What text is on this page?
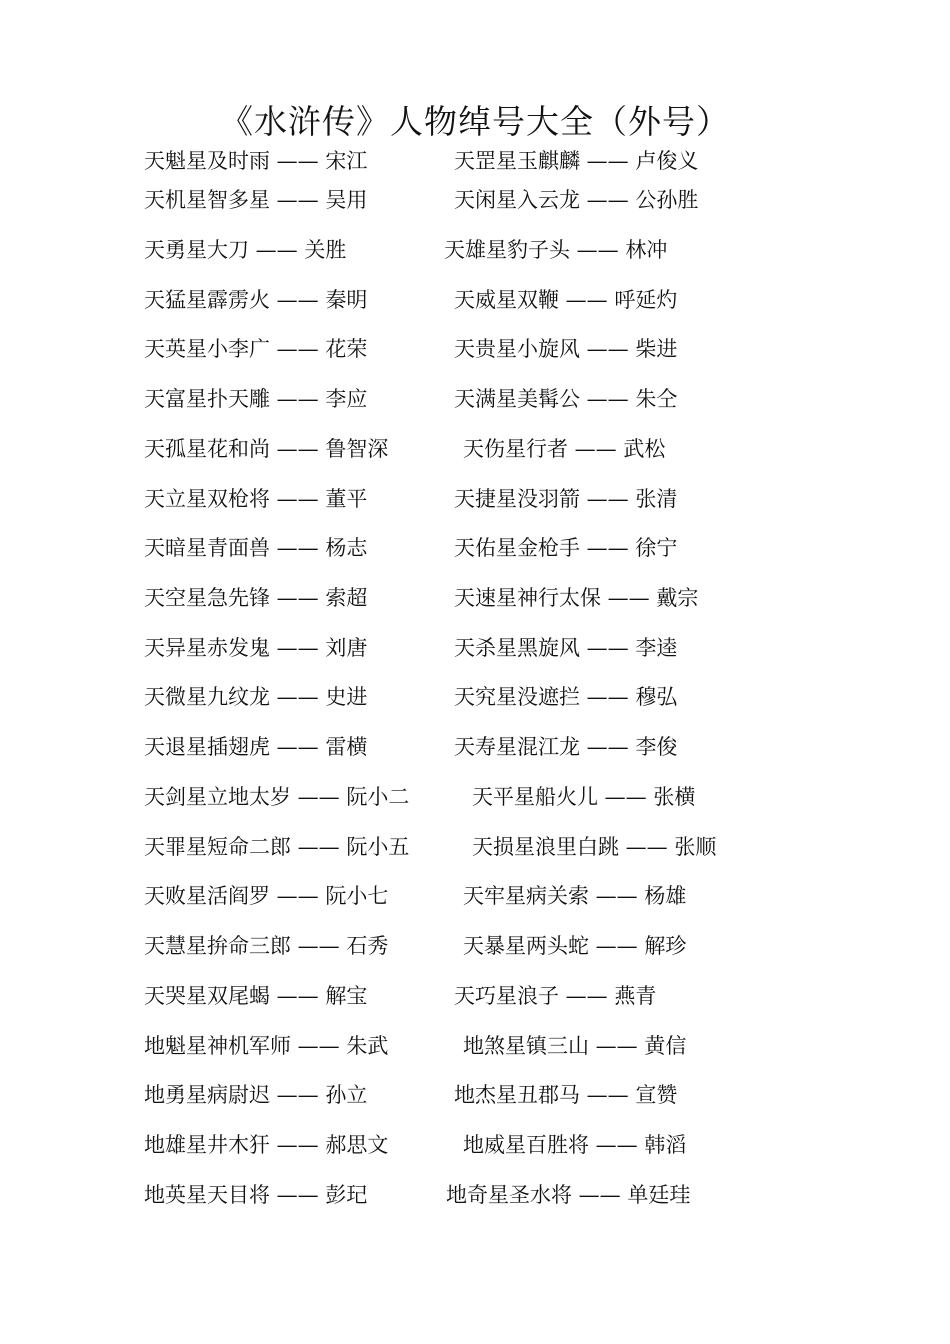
《水浒传》人物绰号大全（外号）
天魁星及时雨 —— 宋江	天罡星玉麒麟 —— 卢俊义
天机星智多星 —— 吴用	天闲星入云龙 —— 公孙胜
天勇星大刀 —— 关胜	天雄星豹子头 —— 林冲
天猛星霹雳火 —— 秦明	天威星双鞭 —— 呼延灼
天英星小李广 —— 花荣	天贵星小旋风 —— 柴进
天富星扑天雕 —— 李应	天满星美髯公 —— 朱仝
天孤星花和尚 —— 鲁智深	天伤星行者 —— 武松
天立星双枪将 —— 董平	天捷星没羽箭 —— 张清
天暗星青面兽 —— 杨志	天佑星金枪手 —— 徐宁
天空星急先锋 —— 索超	天速星神行太保 —— 戴宗
天异星赤发鬼 —— 刘唐	天杀星黑旋风 —— 李逵
天微星九纹龙 —— 史进	天究星没遮拦 —— 穆弘
天退星插翅虎 —— 雷横	天寿星混江龙 —— 李俊
天剑星立地太岁 —— 阮小二	天平星船火儿 —— 张横
天罪星短命二郎 —— 阮小五	天损星浪里白跳 —— 张顺
天败星活阎罗 —— 阮小七	天牢星病关索 —— 杨雄
天慧星拚命三郎 —— 石秀	天暴星两头蛇 —— 解珍
天哭星双尾蝎 —— 解宝	天巧星浪子 —— 燕青
地魁星神机军师 —— 朱武	地煞星镇三山 —— 黄信
地勇星病尉迟 —— 孙立	地杰星丑郡马 —— 宣赞
地雄星井木犴 —— 郝思文	地威星百胜将 —— 韩滔
地英星天目将 —— 彭玘	地奇星圣水将 —— 单廷珪
